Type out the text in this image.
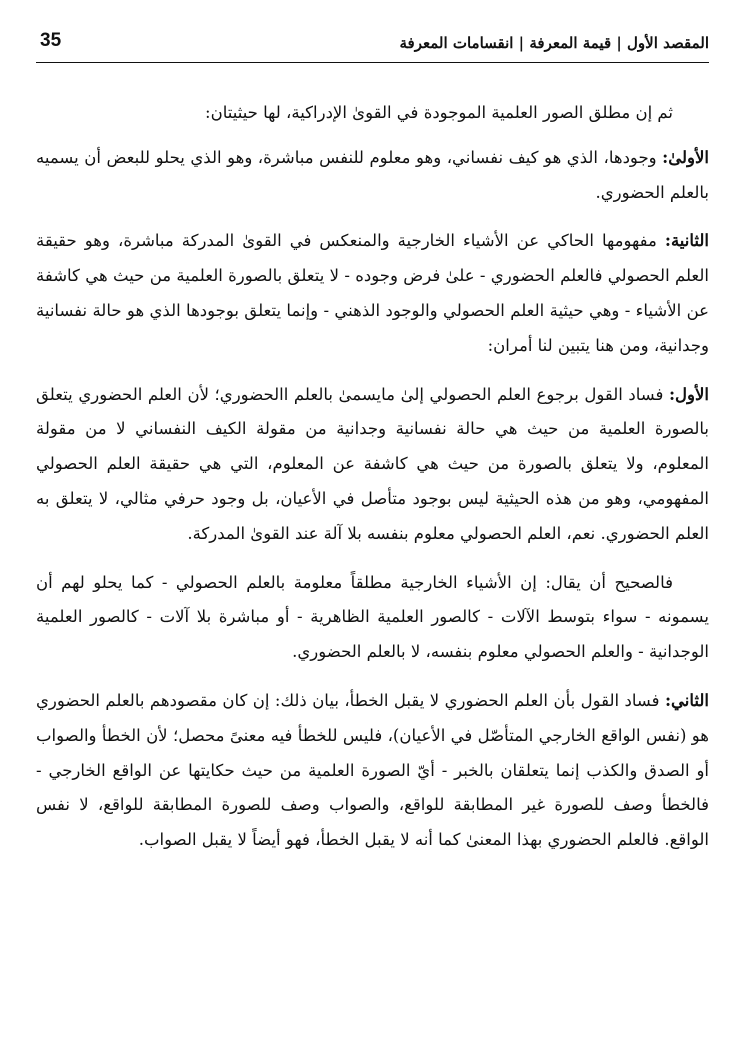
المقصد الأول | قيمة المعرفة | انقسامات المعرفة
35

ثم إن مطلق الصور العلمية الموجودة في القوىٰ الإدراكية، لها حيثيتان:

الأولىٰ: وجودها، الذي هو كيف نفساني، وهو معلوم للنفس مباشرة، وهو الذي يحلو للبعض أن يسميه بالعلم الحضوري.

الثانية: مفهومها الحاكي عن الأشياء الخارجية والمنعكس في القوىٰ المدركة مباشرة، وهو حقيقة العلم الحصولي فالعلم الحضوري - علىٰ فرض وجوده - لا يتعلق بالصورة العلمية من حيث هي كاشفة عن الأشياء - وهي حيثية العلم الحصولي والوجود الذهني - وإنما يتعلق بوجودها الذي هو حالة نفسانية وجدانية، ومن هنا يتبين لنا أمران:

الأول: فساد القول برجوع العلم الحصولي إلىٰ مايسمىٰ بالعلم االحضوري؛ لأن العلم الحضوري يتعلق بالصورة العلمية من حيث هي حالة نفسانية وجدانية من مقولة الكيف النفساني لا من مقولة المعلوم، ولا يتعلق بالصورة من حيث هي كاشفة عن المعلوم، التي هي حقيقة العلم الحصولي المفهومي، وهو من هذه الحيثية ليس بوجود متأصل في الأعيان، بل وجود حرفي مثالي، لا يتعلق به العلم الحضوري. نعم، العلم الحصولي معلوم بنفسه بلا آلة عند القوىٰ المدركة.

فالصحيح أن يقال: إن الأشياء الخارجية مطلقاً معلومة بالعلم الحصولي - كما يحلو لهم أن يسمونه - سواء بتوسط الآلات - كالصور العلمية الظاهرية - أو مباشرة بلا آلات - كالصور العلمية الوجدانية - والعلم الحصولي معلوم بنفسه، لا بالعلم الحضوري.

الثاني: فساد القول بأن العلم الحضوري لا يقبل الخطأ، بيان ذلك: إن كان مقصودهم بالعلم الحضوري هو (نفس الواقع الخارجي المتأصّل في الأعيان)، فليس للخطأ فيه معنىً محصل؛ لأن الخطأ والصواب أو الصدق والكذب إنما يتعلقان بالخبر - أيّ الصورة العلمية من حيث حكايتها عن الواقع الخارجي - فالخطأ وصف للصورة غير المطابقة للواقع، والصواب وصف للصورة المطابقة للواقع، لا نفس الواقع. فالعلم الحضوري بهذا المعنىٰ كما أنه لا يقبل الخطأ، فهو أيضاً لا يقبل الصواب.
